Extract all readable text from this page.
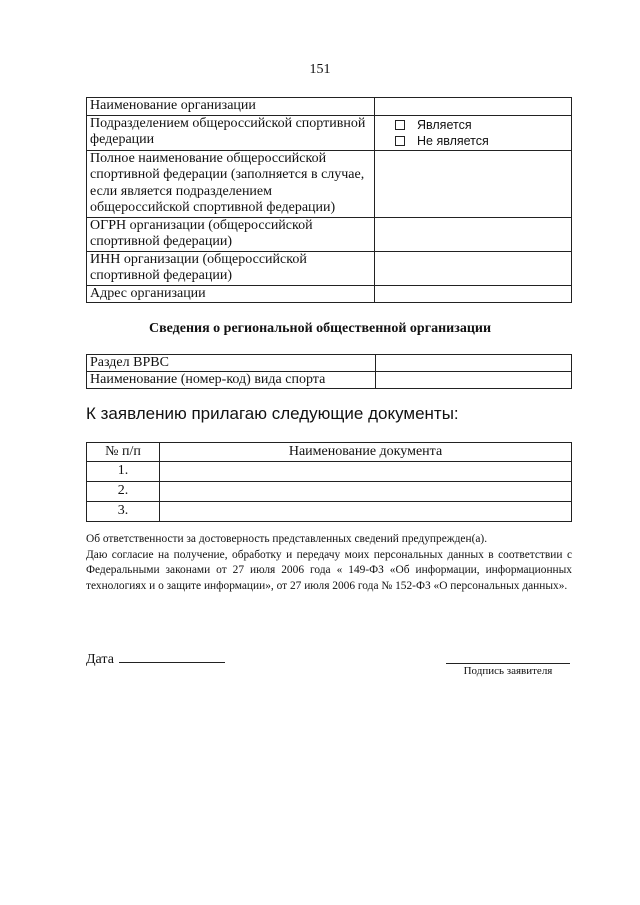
151
Наименование организации	
Подразделением общероссийской спортивной федерации	Является
Не является

Полное наименование общероссийской спортивной федерации (заполняется в случае, если является подразделением общероссийской спортивной федерации)	
ОГРН организации (общероссийской спортивной федерации)	
ИНН организации (общероссийской спортивной федерации)	
Адрес организации	
Сведения о региональной общественной организации
Раздел ВРВС	
Наименование (номер-код) вида спорта	
К заявлению прилагаю следующие документы:
№ п/п	Наименование документа
1.	
2.	
3.	

Об ответственности за достоверность представленных сведений предупрежден(а).

Даю согласие на получение, обработку и передачу моих персональных данных в соответствии с Федеральными законами от 27 июля 2006 года « 149-ФЗ «Об информации, информационных технологиях и о защите информации», от 27 июля 2006 года № 152-ФЗ «О персональных данных».

Дата
Подпись заявителя
